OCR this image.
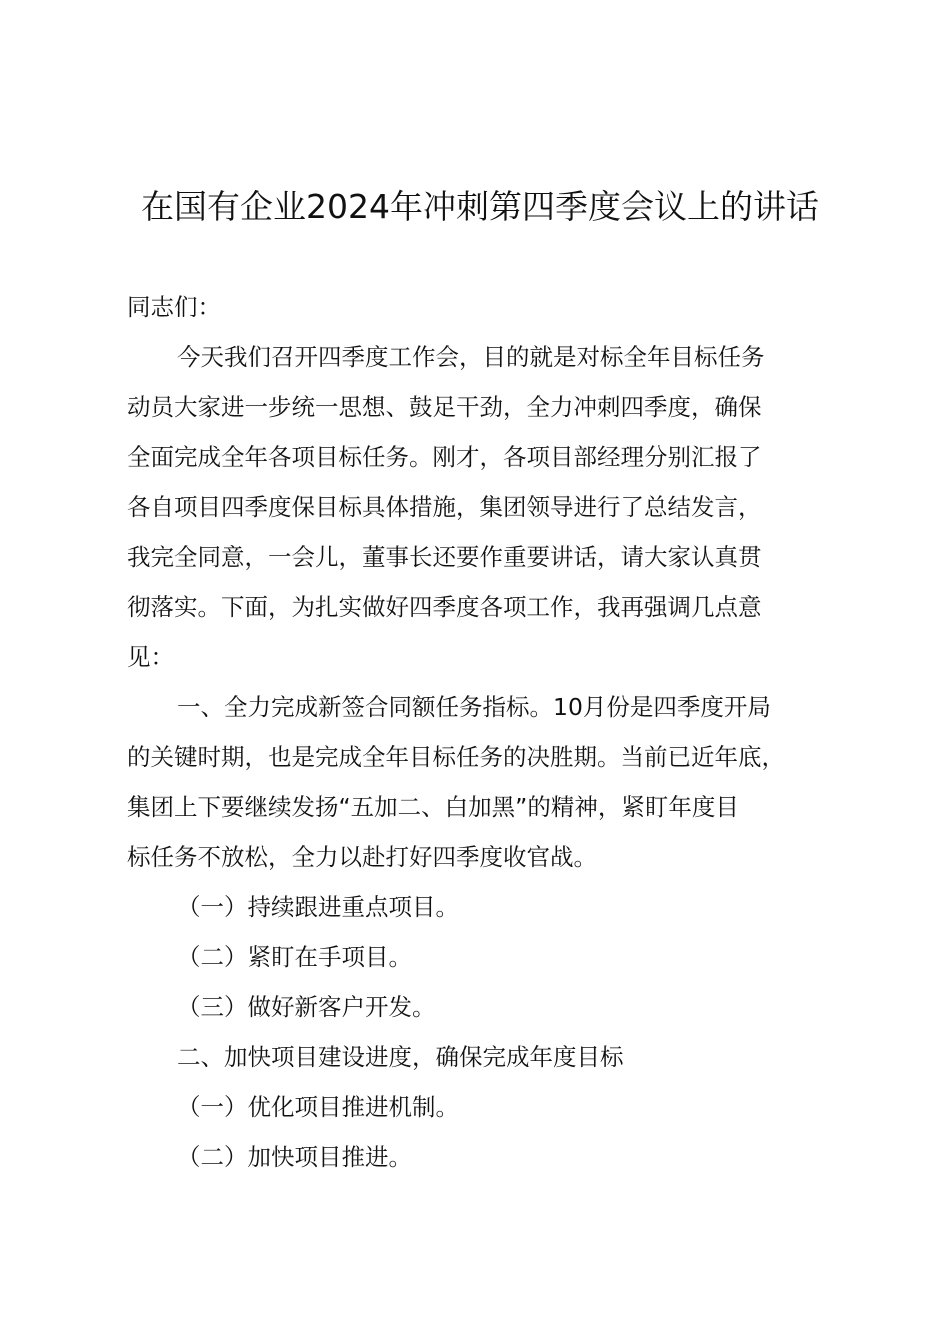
在国有企业2024年冲刺第四季度会议上的讲话

同志们：

今天我们召开四季度工作会，目的就是对标全年目标任务

动员大家进一步统一思想、鼓足干劲，全力冲刺四季度，确保

全面完成全年各项目标任务。刚才，各项目部经理分别汇报了

各自项目四季度保目标具体措施，集团领导进行了总结发言，

我完全同意，一会儿，董事长还要作重要讲话，请大家认真贯

彻落实。下面，为扎实做好四季度各项工作，我再强调几点意

见：

一、全力完成新签合同额任务指标。10月份是四季度开局

的关键时期，也是完成全年目标任务的决胜期。当前已近年底，

集团上下要继续发扬“五加二、白加黑”的精神，紧盯年度目

标任务不放松，全力以赴打好四季度收官战。

（一）持续跟进重点项目。

（二）紧盯在手项目。

（三）做好新客户开发。

二、加快项目建设进度，确保完成年度目标

（一）优化项目推进机制。

（二）加快项目推进。
